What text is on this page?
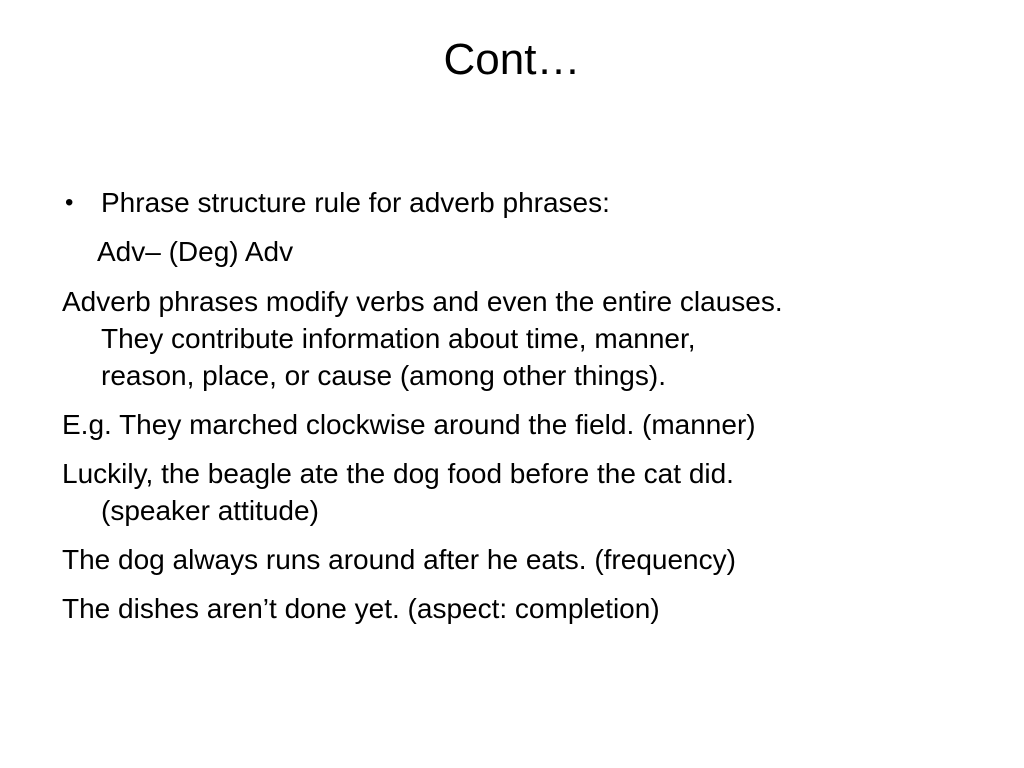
Cont…
• Phrase structure rule for adverb phrases:
Adv– (Deg) Adv
Adverb phrases modify verbs and even the entire clauses.
They contribute information about time, manner,
reason, place, or cause (among other things).
E.g. They marched clockwise around the field. (manner)
Luckily, the beagle ate the dog food before the cat did.
(speaker attitude)
The dog always runs around after he eats. (frequency)
The dishes aren’t done yet. (aspect: completion)
